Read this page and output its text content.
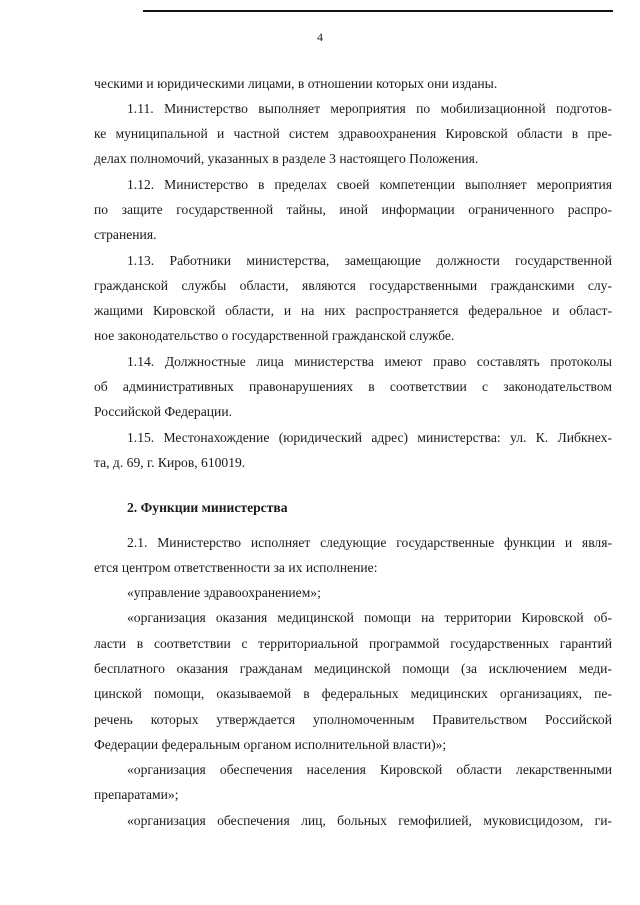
4
ческими и юридическими лицами, в отношении которых они изданы.
1.11. Министерство выполняет мероприятия по мобилизационной подготов-
ке муниципальной и частной систем здравоохранения Кировской области в пре-
делах полномочий, указанных в разделе 3 настоящего Положения.
1.12. Министерство в пределах своей компетенции выполняет мероприятия
по защите государственной тайны, иной информации ограниченного распро-
странения.
1.13. Работники министерства, замещающие должности государственной
гражданской службы области, являются государственными гражданскими слу-
жащими Кировской области, и на них распространяется федеральное и област-
ное законодательство о государственной гражданской службе.
1.14. Должностные лица министерства имеют право составлять протоколы
об административных правонарушениях в соответствии с законодательством
Российской Федерации.
1.15. Местонахождение (юридический адрес) министерства: ул. К. Либкнех-
та, д. 69, г. Киров, 610019.
2. Функции министерства
2.1. Министерство исполняет следующие государственные функции и явля-
ется центром ответственности за их исполнение:
«управление здравоохранением»;
«организация оказания медицинской помощи на территории Кировской об-
ласти в соответствии с территориальной программой государственных гарантий
бесплатного оказания гражданам медицинской помощи (за исключением меди-
цинской помощи, оказываемой в федеральных медицинских организациях, пе-
речень которых утверждается уполномоченным Правительством Российской
Федерации федеральным органом исполнительной власти)»;
«организация обеспечения населения Кировской области лекарственными
препаратами»;
«организация обеспечения лиц, больных гемофилией, муковисцидозом, ги-
